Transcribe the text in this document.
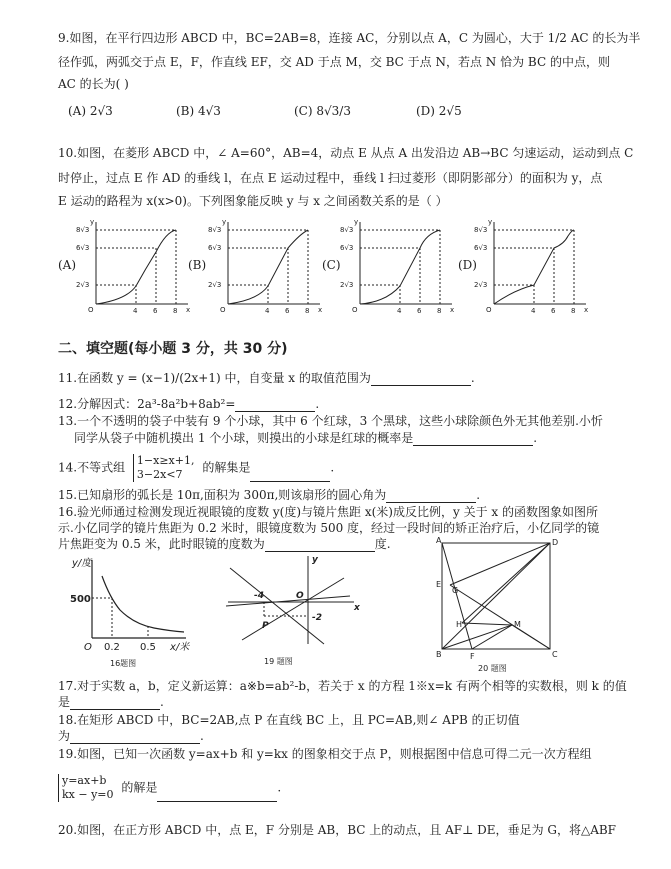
9.如图，在平行四边形 ABCD 中，BC=2AB=8，连接 AC，分别以点 A，C 为圆心，大于 1/2 AC 的长为半
径作弧，两弧交于点 E，F，作直线 EF，交 AD 于点 M，交 BC 于点 N，若点 N 恰为 BC 的中点，则
AC 的长为( )
(A) 2√3	(B) 4√3	(C) 8√3/3	(D) 2√5
10.如图，在菱形 ABCD 中，∠ A=60°，AB=4，动点 E 从点 A 出发沿边 AB→BC 匀速运动，运动到点 C
时停止，过点 E 作 AD 的垂线 l，在点 E 运动过程中，垂线 l 扫过菱形（即阴影部分）的面积为 y，点
E 运动的路程为 x(x>0)。下列图象能反映 y 与 x 之间函数关系的是（ ）
(A)	(B)	(C)	(D)
y
8√3
6√3
2√3
O	4 6 8 x
y
8√3
6√3
2√3
O	4 6 8 x
y
8√3
6√3
2√3
O	4 6 8 x
y
8√3
6√3
2√3
O	4 6 8 x
二、填空题(每小题 3 分，共 30 分)
11.在函数 y = (x−1)/(2x+1) 中，自变量 x 的取值范围为	.
12.分解因式：2a³-8a²b+8ab²=	.
13.一个不透明的袋子中装有 9 个小球，其中 6 个红球，3 个黑球，这些小球除颜色外无其他差别.小忻
同学从袋子中随机摸出 1 个小球，则摸出的小球是红球的概率是	.
14.不等式组 1−x≥x+1,
3−2x<7	的解集是	.
15.已知扇形的弧长是 10π,面积为 300π,则该扇形的圆心角为	.
16.验光师通过检测发现近视眼镜的度数 y(度)与镜片焦距 x(米)成反比例，y 关于 x 的函数图象如图所
示.小亿同学的镜片焦距为 0.2 米时，眼镜度数为 500 度，经过一段时间的矫正治疗后，小亿同学的镜
片焦距变为 0.5 米，此时眼镜的度数为	度.
y/度
500
O 0.2 0.5 x/米
16题图
-4	O
P
-2
x
y
19 题图
A	D
E
G
H	M
B	F	C
20 题图
17.对于实数 a，b，定义新运算：a※b=ab²-b，若关于 x 的方程 1※x=k 有两个相等的实数根，则 k 的值
是	.
18.在矩形 ABCD 中，BC=2AB,点 P 在直线 BC 上，且 PC=AB,则∠ APB 的正切值
为	.
19.如图，已知一次函数 y=ax+b 和 y=kx 的图象相交于点 P，则根据图中信息可得二元一次方程组
y=ax+b
kx − y=0 的解是	.
20.如图，在正方形 ABCD 中，点 E，F 分别是 AB，BC 上的动点，且 AF⊥ DE，垂足为 G，将△ABF
